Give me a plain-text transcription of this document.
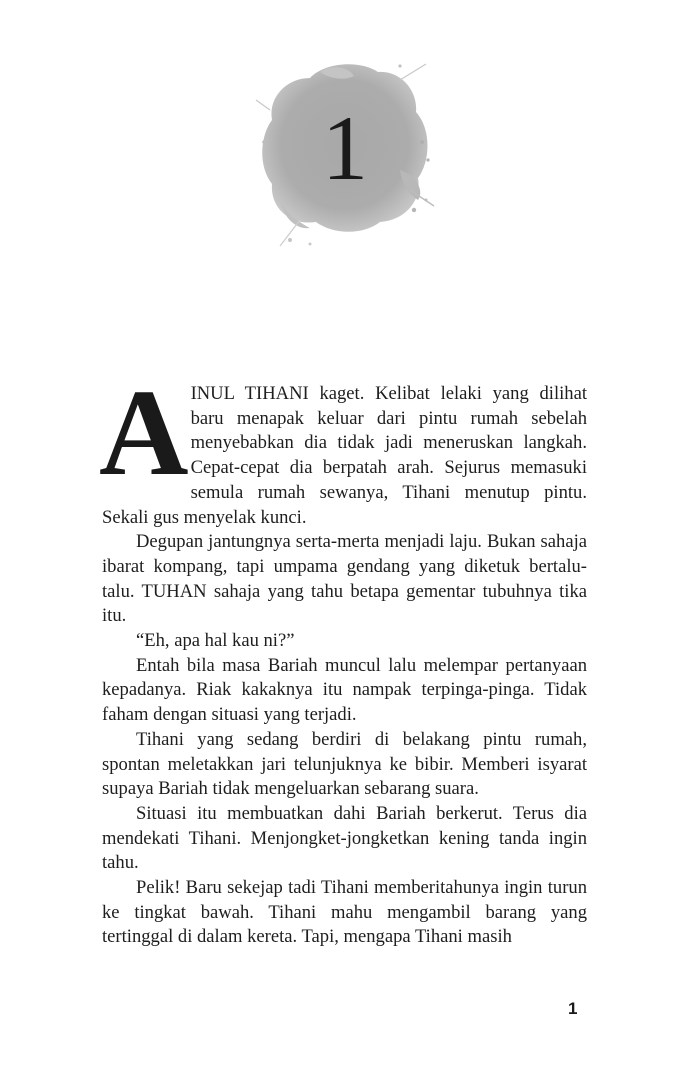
1

AINUL TIHANI kaget. Kelibat lelaki yang dilihat baru menapak keluar dari pintu rumah sebelah menyebabkan dia tidak jadi meneruskan langkah. Cepat-cepat dia berpatah arah. Sejurus memasuki semula rumah sewanya, Tihani menutup pintu. Sekali gus menyelak kunci.

Degupan jantungnya serta-merta menjadi laju. Bukan sahaja ibarat kompang, tapi umpama gendang yang diketuk bertalu-talu. TUHAN sahaja yang tahu betapa gementar tubuhnya tika itu.

“Eh, apa hal kau ni?”

Entah bila masa Bariah muncul lalu melempar pertanyaan kepadanya. Riak kakaknya itu nampak terpinga-pinga. Tidak faham dengan situasi yang terjadi.

Tihani yang sedang berdiri di belakang pintu rumah, spontan meletakkan jari telunjuknya ke bibir. Memberi isyarat supaya Bariah tidak mengeluarkan sebarang suara.

Situasi itu membuatkan dahi Bariah berkerut. Terus dia mendekati Tihani. Menjongket-jongketkan kening tanda ingin tahu.

Pelik! Baru sekejap tadi Tihani memberitahunya ingin turun ke tingkat bawah. Tihani mahu mengambil barang yang tertinggal di dalam kereta. Tapi, mengapa Tihani masih

1
